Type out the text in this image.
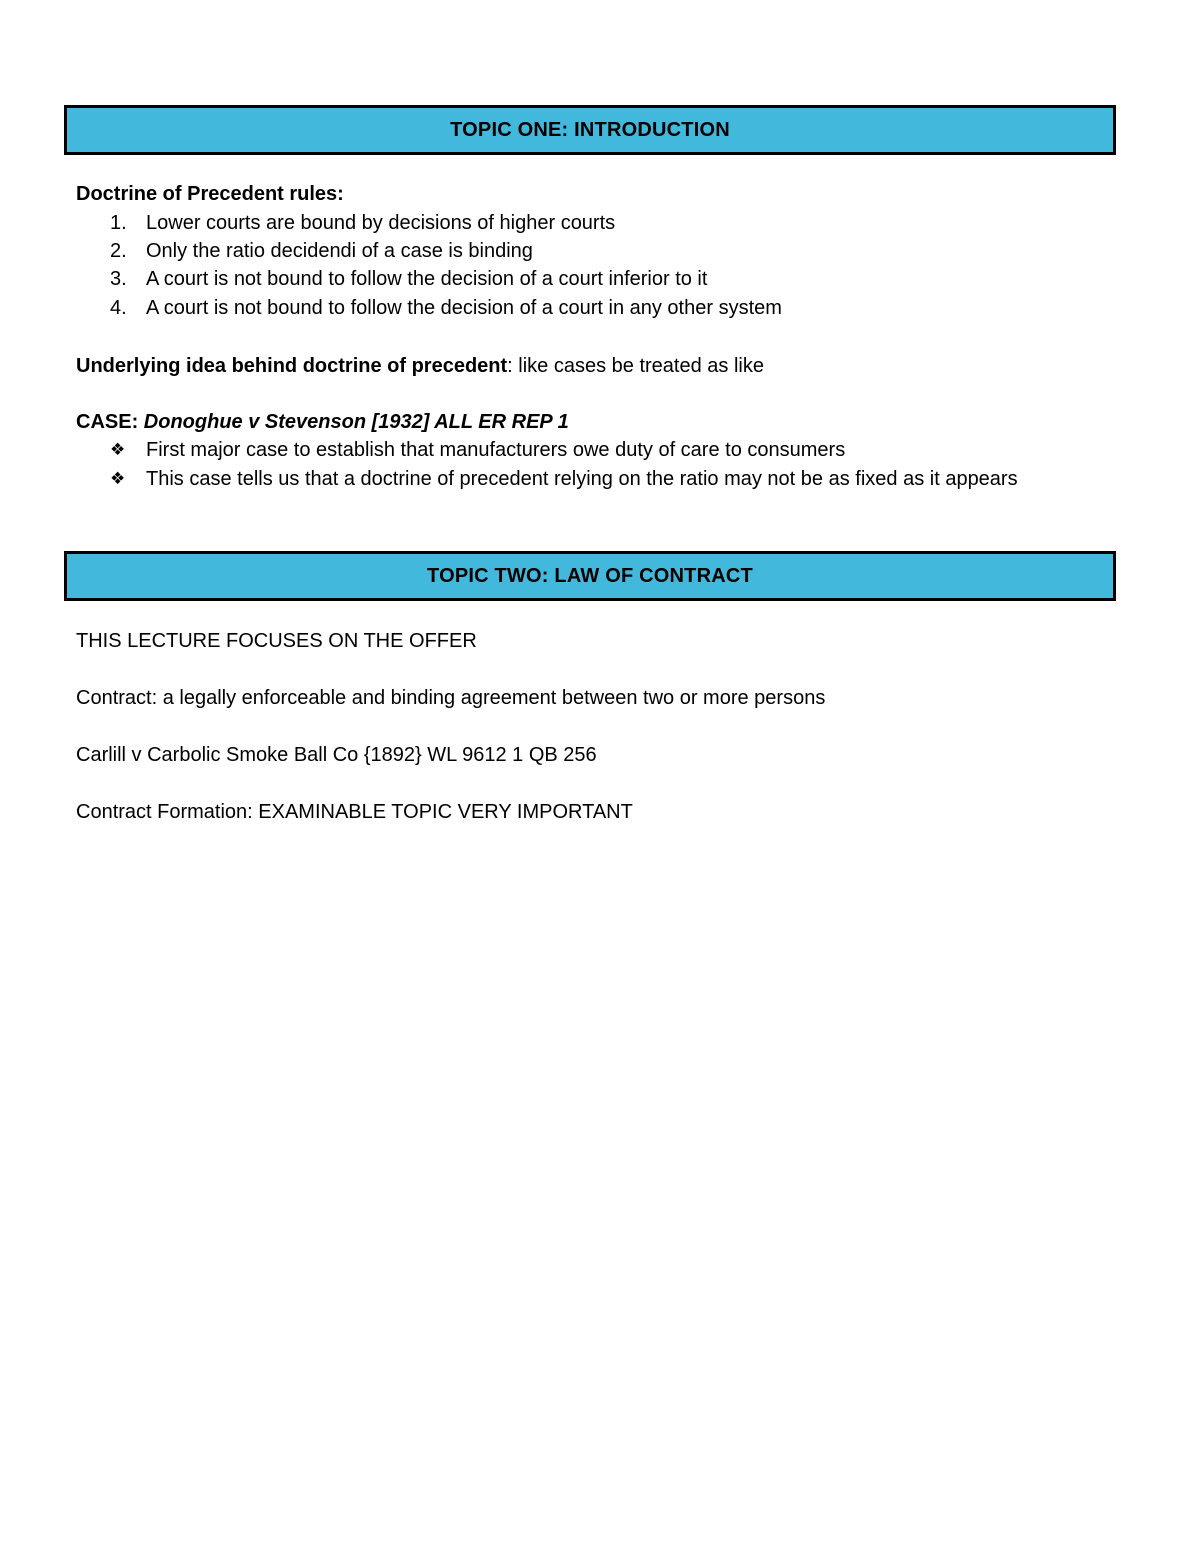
TOPIC ONE: INTRODUCTION
Doctrine of Precedent rules:
1. Lower courts are bound by decisions of higher courts
2. Only the ratio decidendi of a case is binding
3. A court is not bound to follow the decision of a court inferior to it
4. A court is not bound to follow the decision of a court in any other system
Underlying idea behind doctrine of precedent: like cases be treated as like
CASE: Donoghue v Stevenson [1932] ALL ER REP 1
❖	First major case to establish that manufacturers owe duty of care to consumers
❖	This case tells us that a doctrine of precedent relying on the ratio may not be as fixed as it appears
TOPIC TWO: LAW OF CONTRACT
THIS LECTURE FOCUSES ON THE OFFER
Contract: a legally enforceable and binding agreement between two or more persons
Carlill v Carbolic Smoke Ball Co {1892} WL 9612 1 QB 256
Contract Formation: EXAMINABLE TOPIC VERY IMPORTANT
